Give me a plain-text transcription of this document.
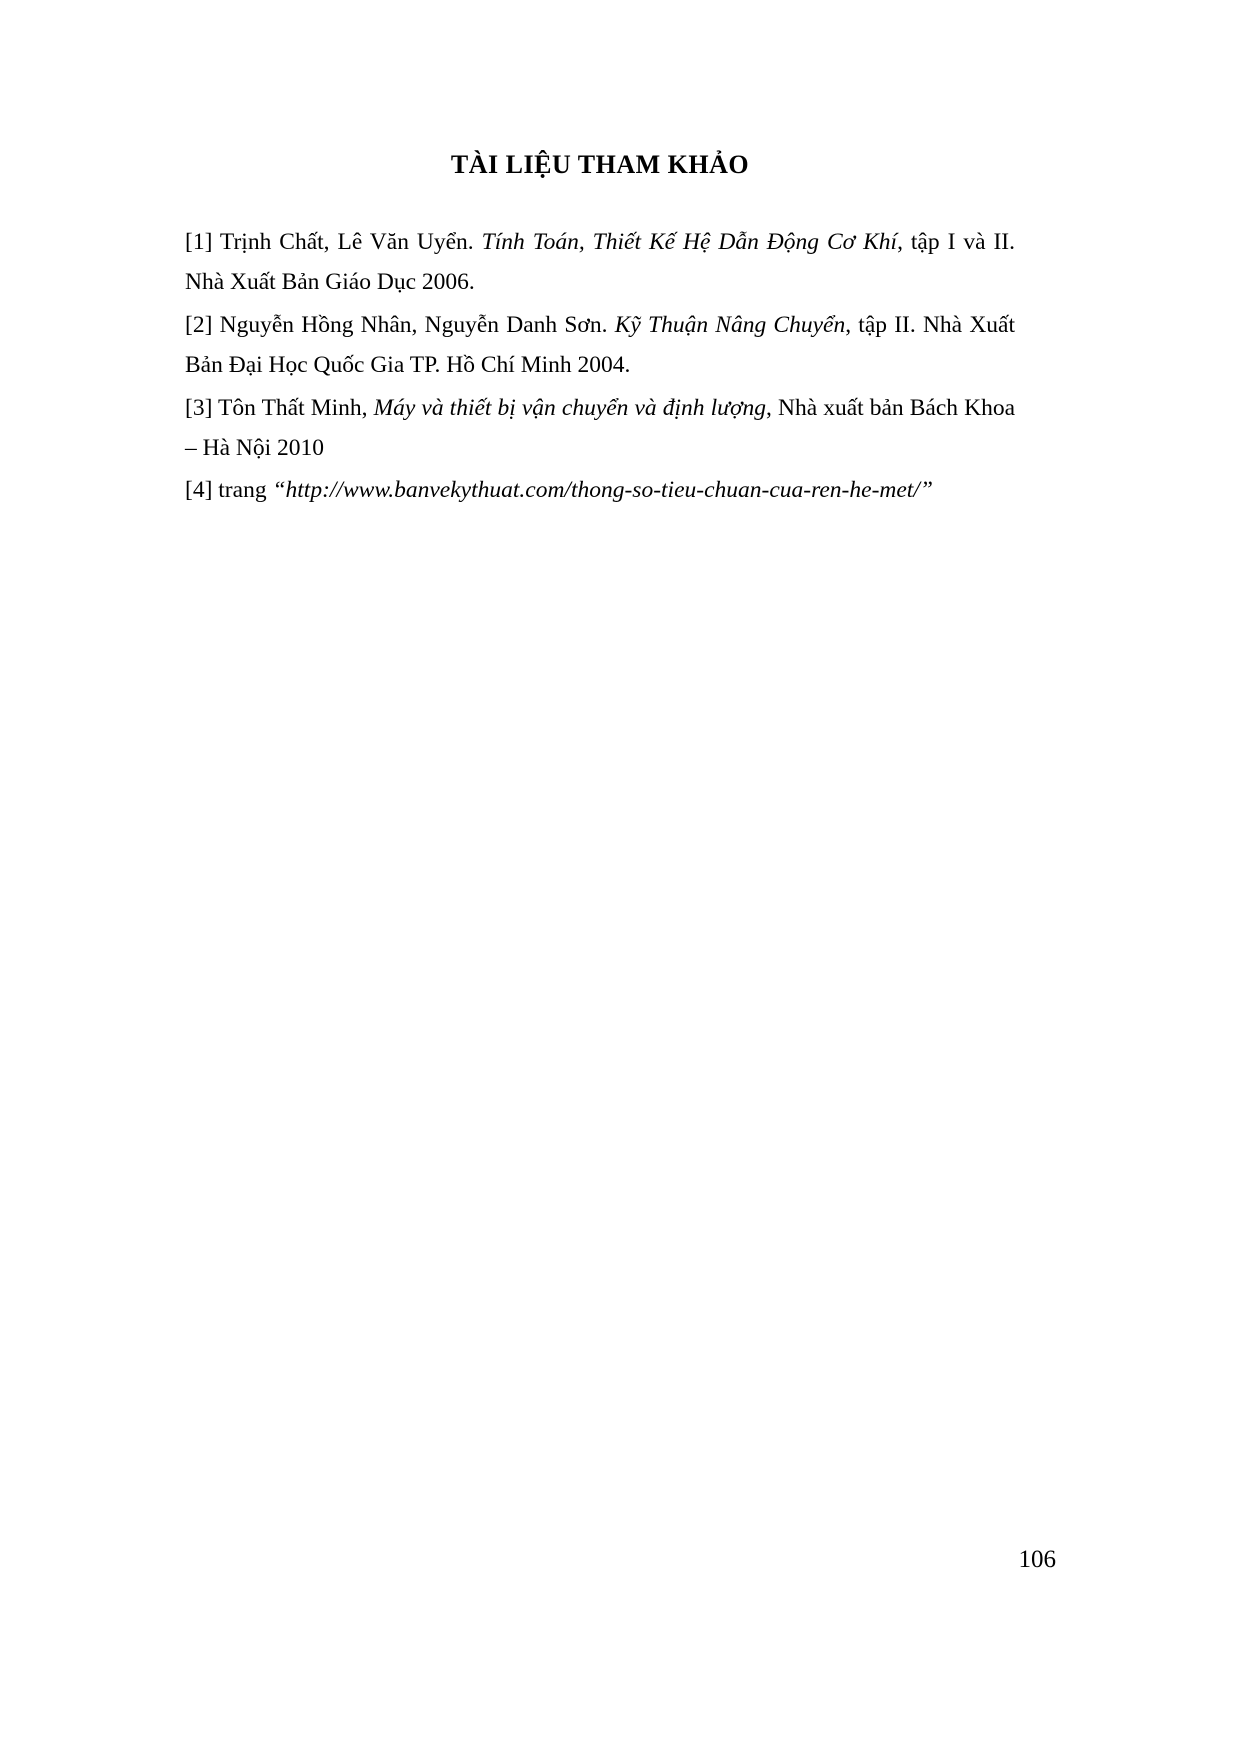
TÀI LIỆU THAM KHẢO

[1] Trịnh Chất, Lê Văn Uyển. Tính Toán, Thiết Kế Hệ Dẫn Động Cơ Khí, tập I và II. Nhà Xuất Bản Giáo Dục 2006.

[2] Nguyễn Hồng Nhân, Nguyễn Danh Sơn. Kỹ Thuận Nâng Chuyển, tập II. Nhà Xuất Bản Đại Học Quốc Gia TP. Hồ Chí Minh 2004.

[3] Tôn Thất Minh, Máy và thiết bị vận chuyển và định lượng, Nhà xuất bản Bách Khoa – Hà Nội 2010

[4] trang “http://www.banvekythuat.com/thong-so-tieu-chuan-cua-ren-he-met/”

106
